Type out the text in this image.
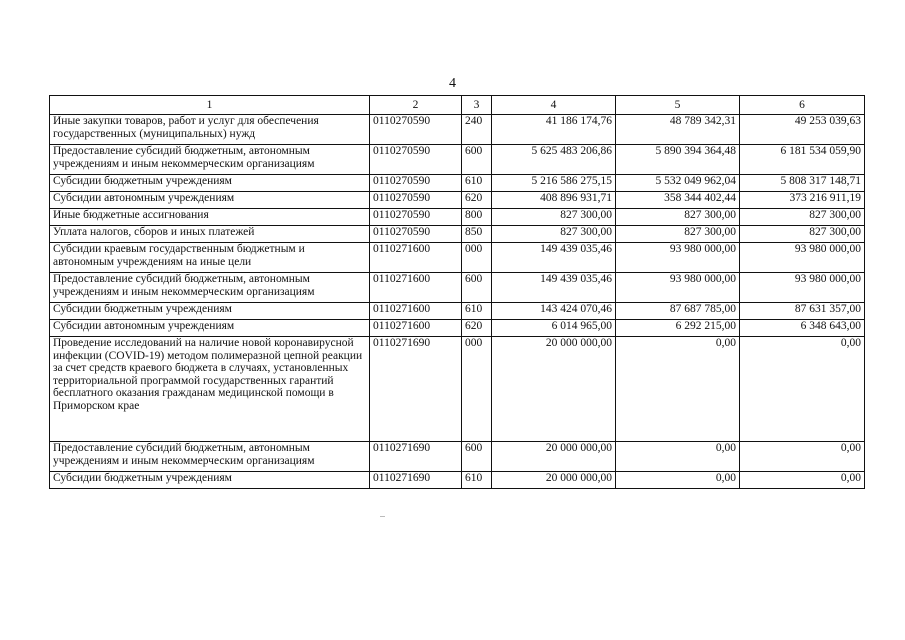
4
1	2	3	4	5	6
Иные закупки товаров, работ и услуг для обеспечения государственных (муниципальных) нужд	0110270590	240	41 186 174,76	48 789 342,31	49 253 039,63
Предоставление субсидий бюджетным, автономным учреждениям и иным некоммерческим организациям	0110270590	600	5 625 483 206,86	5 890 394 364,48	6 181 534 059,90
Субсидии бюджетным учреждениям	0110270590	610	5 216 586 275,15	5 532 049 962,04	5 808 317 148,71
Субсидии автономным учреждениям	0110270590	620	408 896 931,71	358 344 402,44	373 216 911,19
Иные бюджетные ассигнования	0110270590	800	827 300,00	827 300,00	827 300,00
Уплата налогов, сборов и иных платежей	0110270590	850	827 300,00	827 300,00	827 300,00
Субсидии краевым государственным бюджетным и автономным учреждениям на иные цели	0110271600	000	149 439 035,46	93 980 000,00	93 980 000,00
Предоставление субсидий бюджетным, автономным учреждениям и иным некоммерческим организациям	0110271600	600	149 439 035,46	93 980 000,00	93 980 000,00
Субсидии бюджетным учреждениям	0110271600	610	143 424 070,46	87 687 785,00	87 631 357,00
Субсидии автономным учреждениям	0110271600	620	6 014 965,00	6 292 215,00	6 348 643,00
Проведение исследований на наличие новой коронавирусной инфекции (COVID-19) методом полимеразной цепной реакции за счет средств краевого бюджета в случаях, установленных территориальной программой государственных гарантий бесплатного оказания гражданам медицинской помощи в Приморском крае	0110271690	000	20 000 000,00	0,00	0,00
Предоставление субсидий бюджетным, автономным учреждениям и иным некоммерческим организациям	0110271690	600	20 000 000,00	0,00	0,00
Субсидии бюджетным учреждениям	0110271690	610	20 000 000,00	0,00	0,00
